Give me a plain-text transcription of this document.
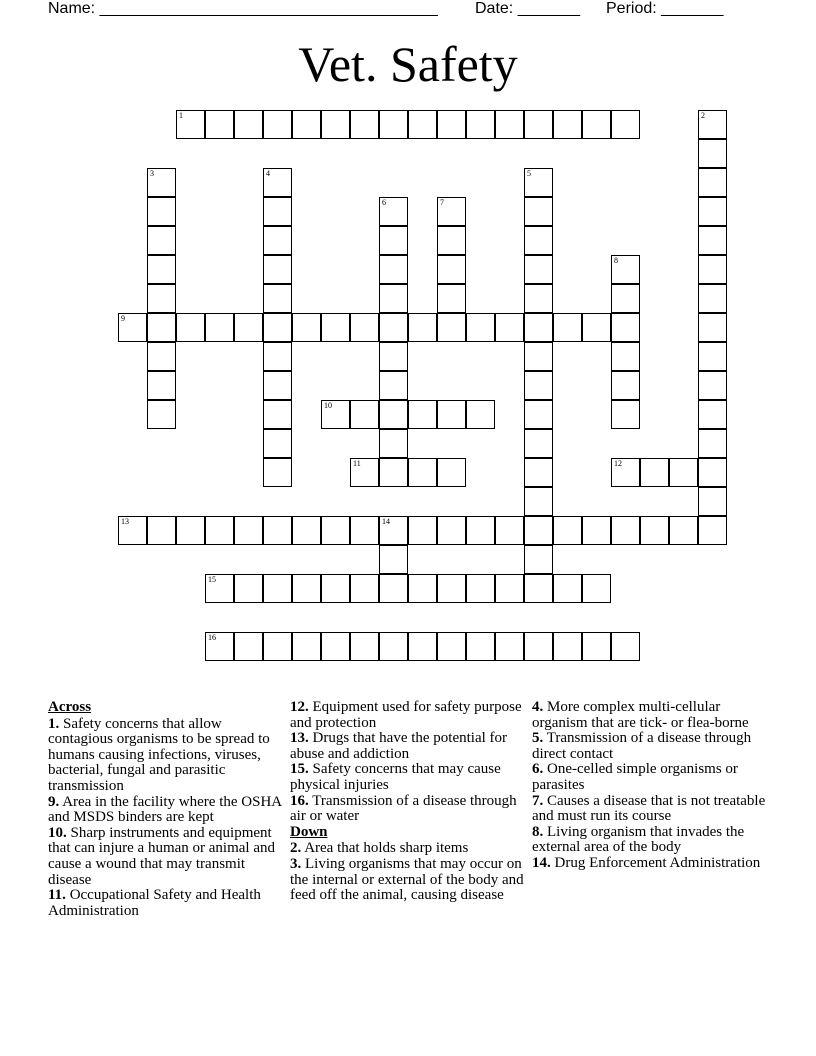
Name: ______________________________________ Date: _______ Period: _______
Vet. Safety
1	2
3	4	5
6	7
8
9
10
11	12
13	14
15
16
Across
1. Safety concerns that allow contagious organisms to be spread to humans causing infections, viruses, bacterial, fungal and parasitic transmission
9. Area in the facility where the OSHA and MSDS binders are kept
10. Sharp instruments and equipment that can injure a human or animal and cause a wound that may transmit disease
11. Occupational Safety and Health Administration
12. Equipment used for safety purpose and protection
13. Drugs that have the potential for abuse and addiction
15. Safety concerns that may cause physical injuries
16. Transmission of a disease through air or water
Down
2. Area that holds sharp items
3. Living organisms that may occur on the internal or external of the body and feed off the animal, causing disease
4. More complex multi-cellular organism that are tick- or flea-borne
5. Transmission of a disease through direct contact
6. One-celled simple organisms or parasites
7. Causes a disease that is not treatable and must run its course
8. Living organism that invades the external area of the body
14. Drug Enforcement Administration
